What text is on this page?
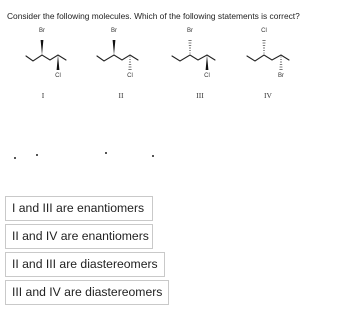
Consider the following molecules. Which of the following statements is correct?
Br
Cl
I
Br
Cl
II
Br
Cl
III
Cl
Br
IV
I and III are enantiomers
II and IV are enantiomers
II and III are diastereomers
III and IV are diastereomers
